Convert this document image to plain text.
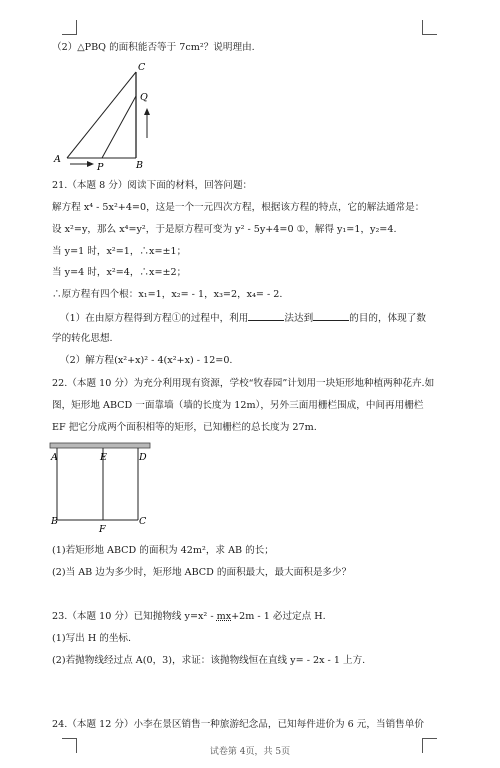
（2）△PBQ 的面积能否等于 7cm²？说明理由.
C
Q
A
P	B
21.（本题 8 分）阅读下面的材料，回答问题：
解方程 x⁴ - 5x²+4=0，这是一个一元四次方程，根据该方程的特点，它的解法通常是：
设 x²=y，那么 x⁴=y²，于是原方程可变为 y² - 5y+4=0 ①，解得 y₁=1，y₂=4.
当 y=1 时，x²=1，∴x=±1；
当 y=4 时，x²=4，∴x=±2；
∴原方程有四个根：x₁=1，x₂= - 1，x₃=2，x₄= - 2.
（1）在由原方程得到方程①的过程中，利用	法达到	的目的，体现了数
学的转化思想.
（2）解方程(x²+x)² - 4(x²+x) - 12=0.
22.（本题 10 分）为充分利用现有资源，学校“牧春园”计划用一块矩形地种植两种花卉.如
图，矩形地 ABCD 一面靠墙（墙的长度为 12m），另外三面用栅栏围成，中间再用栅栏
EF 把它分成两个面积相等的矩形，已知栅栏的总长度为 27m.
A	E	D
B
F
C
(1)若矩形地 ABCD 的面积为 42m²，求 AB 的长；
(2)当 AB 边为多少时，矩形地 ABCD 的面积最大，最大面积是多少？
23.（本题 10 分）已知抛物线 y=x² - mx+2m - 1 必过定点 H.
(1)写出 H 的坐标.
(2)若抛物线经过点 A(0，3)，求证：该抛物线恒在直线 y= - 2x - 1 上方.
24.（本题 12 分）小李在景区销售一种旅游纪念品，已知每件进价为 6 元，当销售单价
试卷第 4页，共 5页
